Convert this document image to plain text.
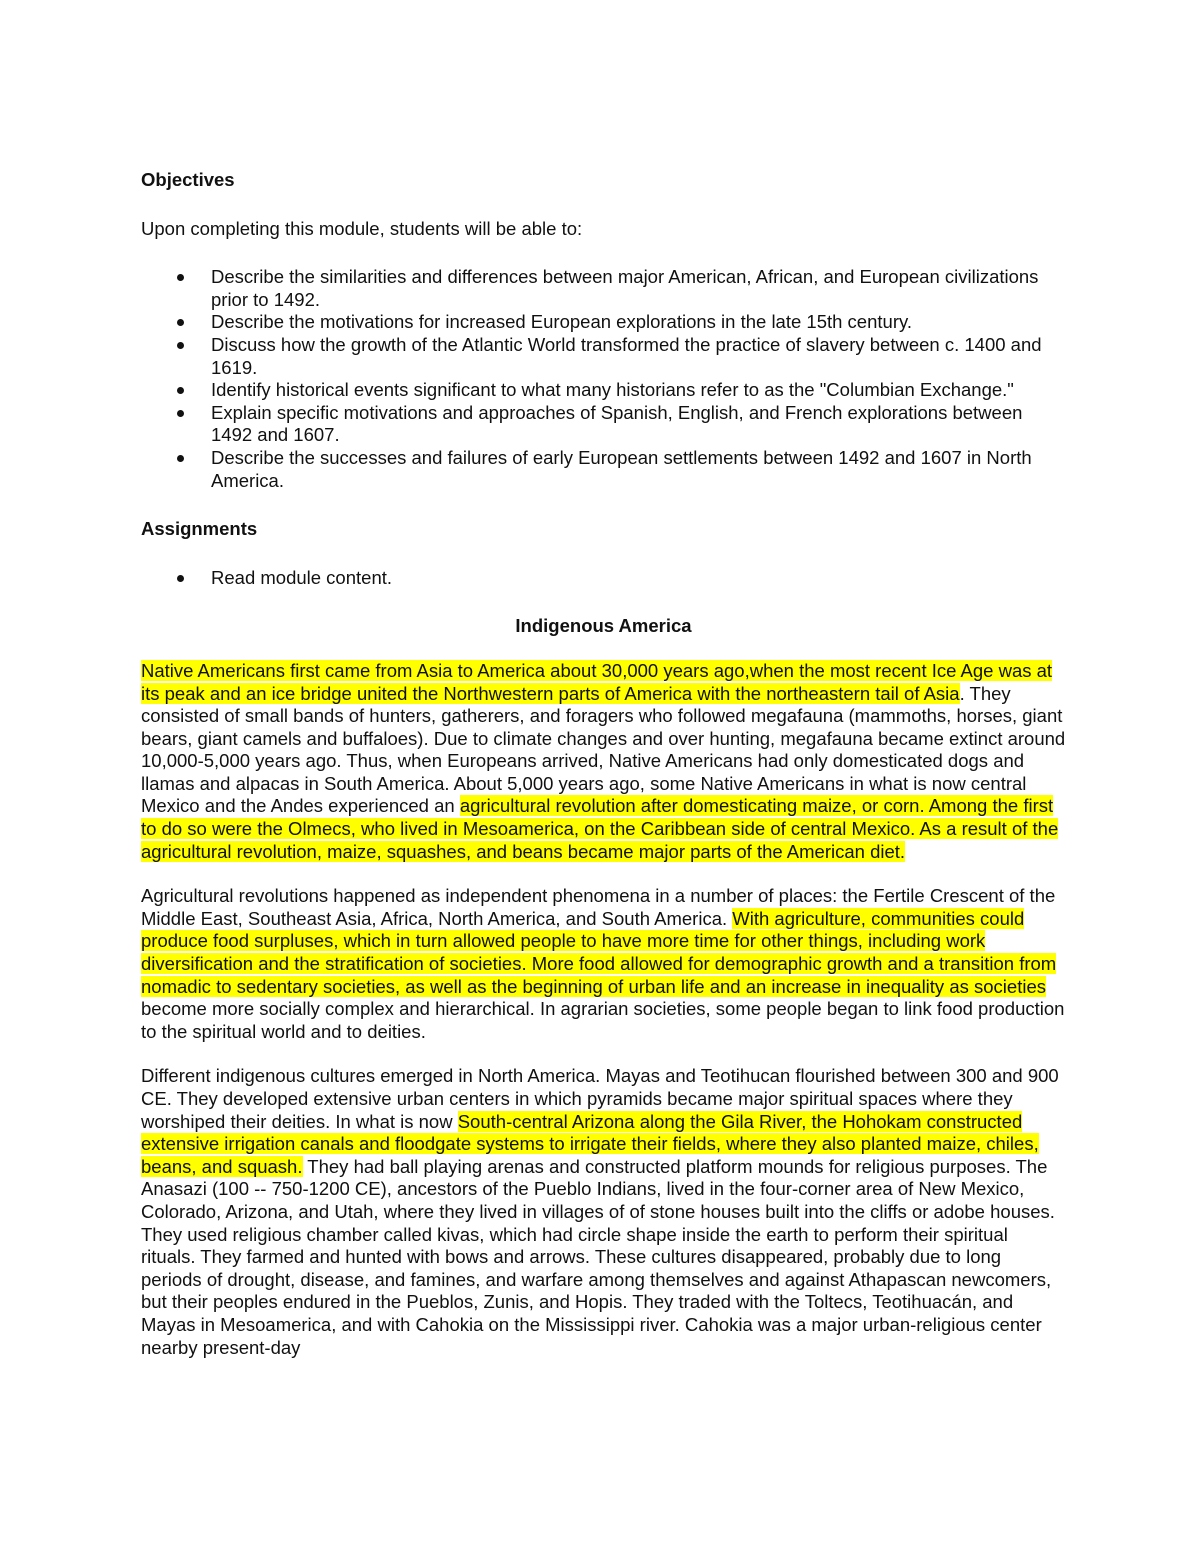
Objectives

Upon completing this module, students will be able to:

Describe the similarities and differences between major American, African, and European civilizations prior to 1492.
Describe the motivations for increased European explorations in the late 15th century.
Discuss how the growth of the Atlantic World transformed the practice of slavery between c. 1400 and 1619.
Identify historical events significant to what many historians refer to as the "Columbian Exchange."
Explain specific motivations and approaches of Spanish, English, and French explorations between 1492 and 1607.
Describe the successes and failures of early European settlements between 1492 and 1607 in North America.

Assignments

Read module content.

Indigenous America

Native Americans first came from Asia to America about 30,000 years ago,when the most recent Ice Age was at its peak and an ice bridge united the Northwestern parts of America with the northeastern tail of Asia. They consisted of small bands of hunters, gatherers, and foragers who followed megafauna (mammoths, horses, giant bears, giant camels and buffaloes). Due to climate changes and over hunting, megafauna became extinct around 10,000-5,000 years ago. Thus, when Europeans arrived, Native Americans had only domesticated dogs and llamas and alpacas in South America. About 5,000 years ago, some Native Americans in what is now central Mexico and the Andes experienced an agricultural revolution after domesticating maize, or corn. Among the first to do so were the Olmecs, who lived in Mesoamerica, on the Caribbean side of central Mexico. As a result of the agricultural revolution, maize, squashes, and beans became major parts of the American diet.

Agricultural revolutions happened as independent phenomena in a number of places: the Fertile Crescent of the Middle East, Southeast Asia, Africa, North America, and South America. With agriculture, communities could produce food surpluses, which in turn allowed people to have more time for other things, including work diversification and the stratification of societies. More food allowed for demographic growth and a transition from nomadic to sedentary societies, as well as the beginning of urban life and an increase in inequality as societies become more socially complex and hierarchical. In agrarian societies, some people began to link food production to the spiritual world and to deities.

Different indigenous cultures emerged in North America. Mayas and Teotihucan flourished between 300 and 900 CE. They developed extensive urban centers in which pyramids became major spiritual spaces where they worshiped their deities. In what is now South-central Arizona along the Gila River, the Hohokam constructed extensive irrigation canals and floodgate systems to irrigate their fields, where they also planted maize, chiles, beans, and squash. They had ball playing arenas and constructed platform mounds for religious purposes. The Anasazi (100 -- 750-1200 CE), ancestors of the Pueblo Indians, lived in the four-corner area of New Mexico, Colorado, Arizona, and Utah, where they lived in villages of of stone houses built into the cliffs or adobe houses. They used religious chamber called kivas, which had circle shape inside the earth to perform their spiritual rituals. They farmed and hunted with bows and arrows. These cultures disappeared, probably due to long periods of drought, disease, and famines, and warfare among themselves and against Athapascan newcomers, but their peoples endured in the Pueblos, Zunis, and Hopis. They traded with the Toltecs, Teotihuacán, and Mayas in Mesoamerica, and with Cahokia on the Mississippi river. Cahokia was a major urban-religious center nearby present-day
